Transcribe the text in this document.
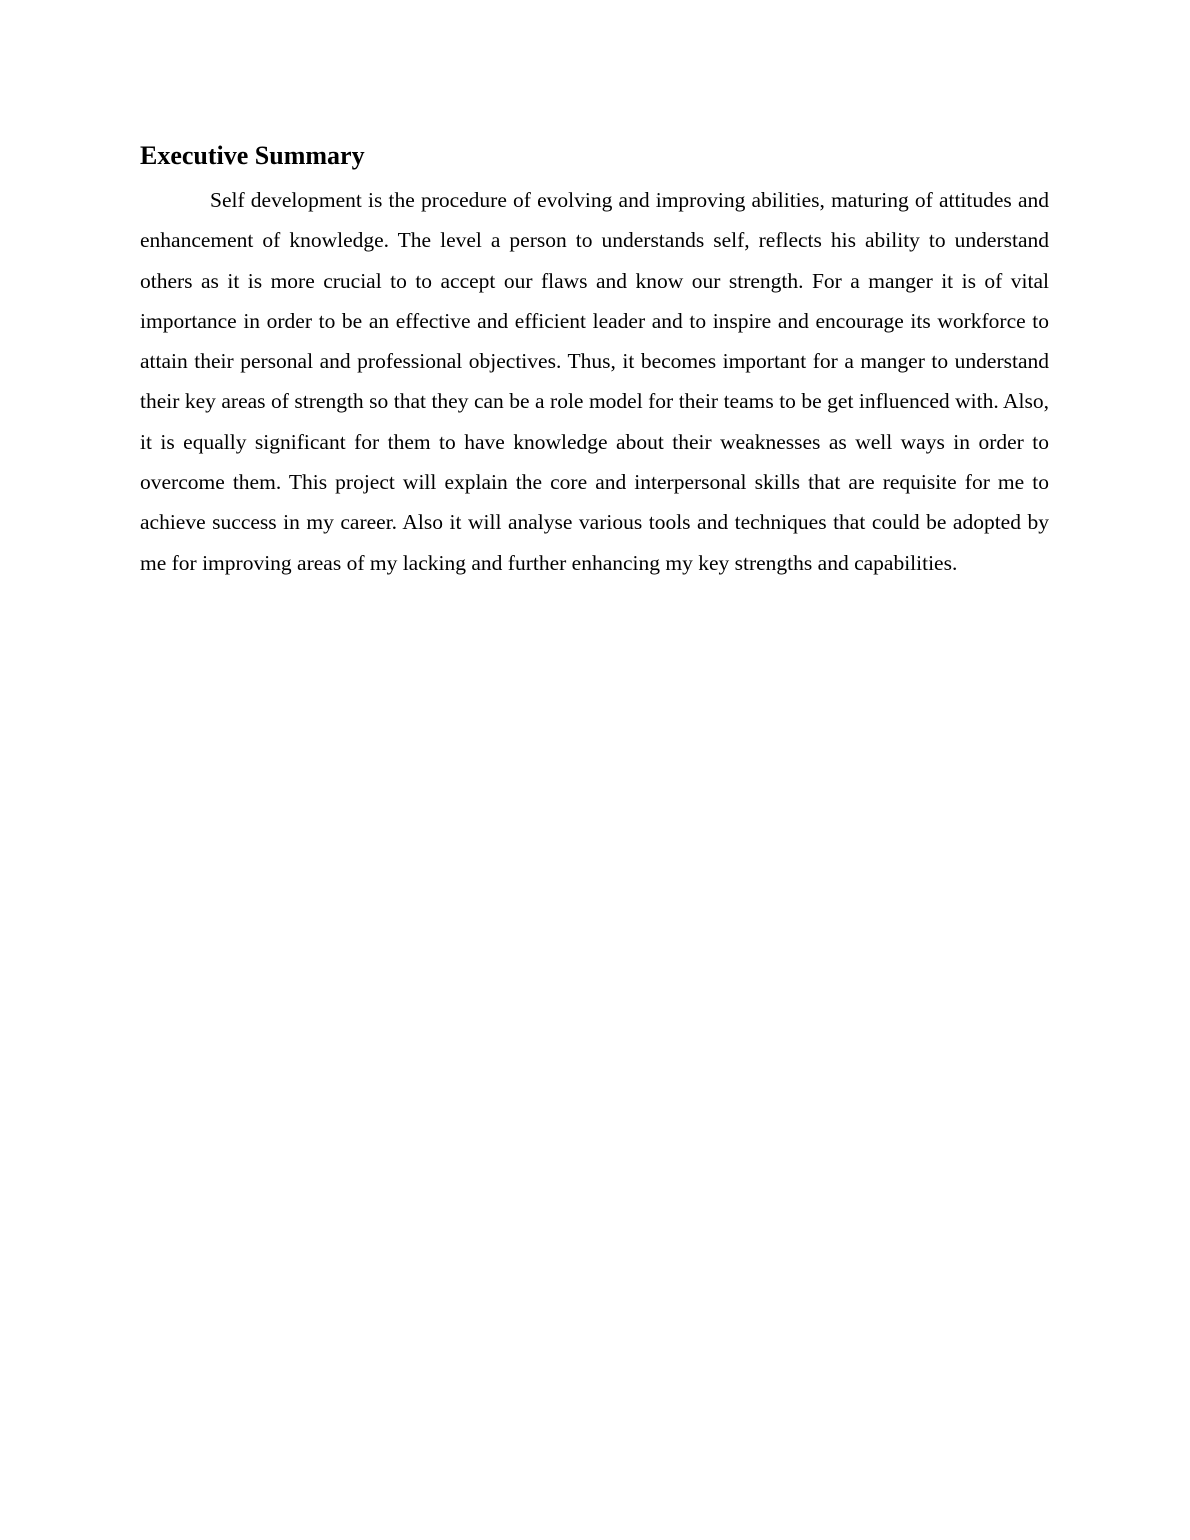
Executive Summary

Self development is the procedure of evolving and improving abilities, maturing of attitudes and enhancement of knowledge. The level a person to understands self, reflects his ability to understand others as it is more crucial to to accept our flaws and know our strength. For a manger it is of vital importance in order to be an effective and efficient leader and to inspire and encourage its workforce to attain their personal and professional objectives. Thus, it becomes important for a manger to understand their key areas of strength so that they can be a role model for their teams to be get influenced with. Also, it is equally significant for them to have knowledge about their weaknesses as well ways in order to overcome them. This project will explain the core and interpersonal skills that are requisite for me to achieve success in my career. Also it will analyse various tools and techniques that could be adopted by me for improving areas of my lacking and further enhancing my key strengths and capabilities.
